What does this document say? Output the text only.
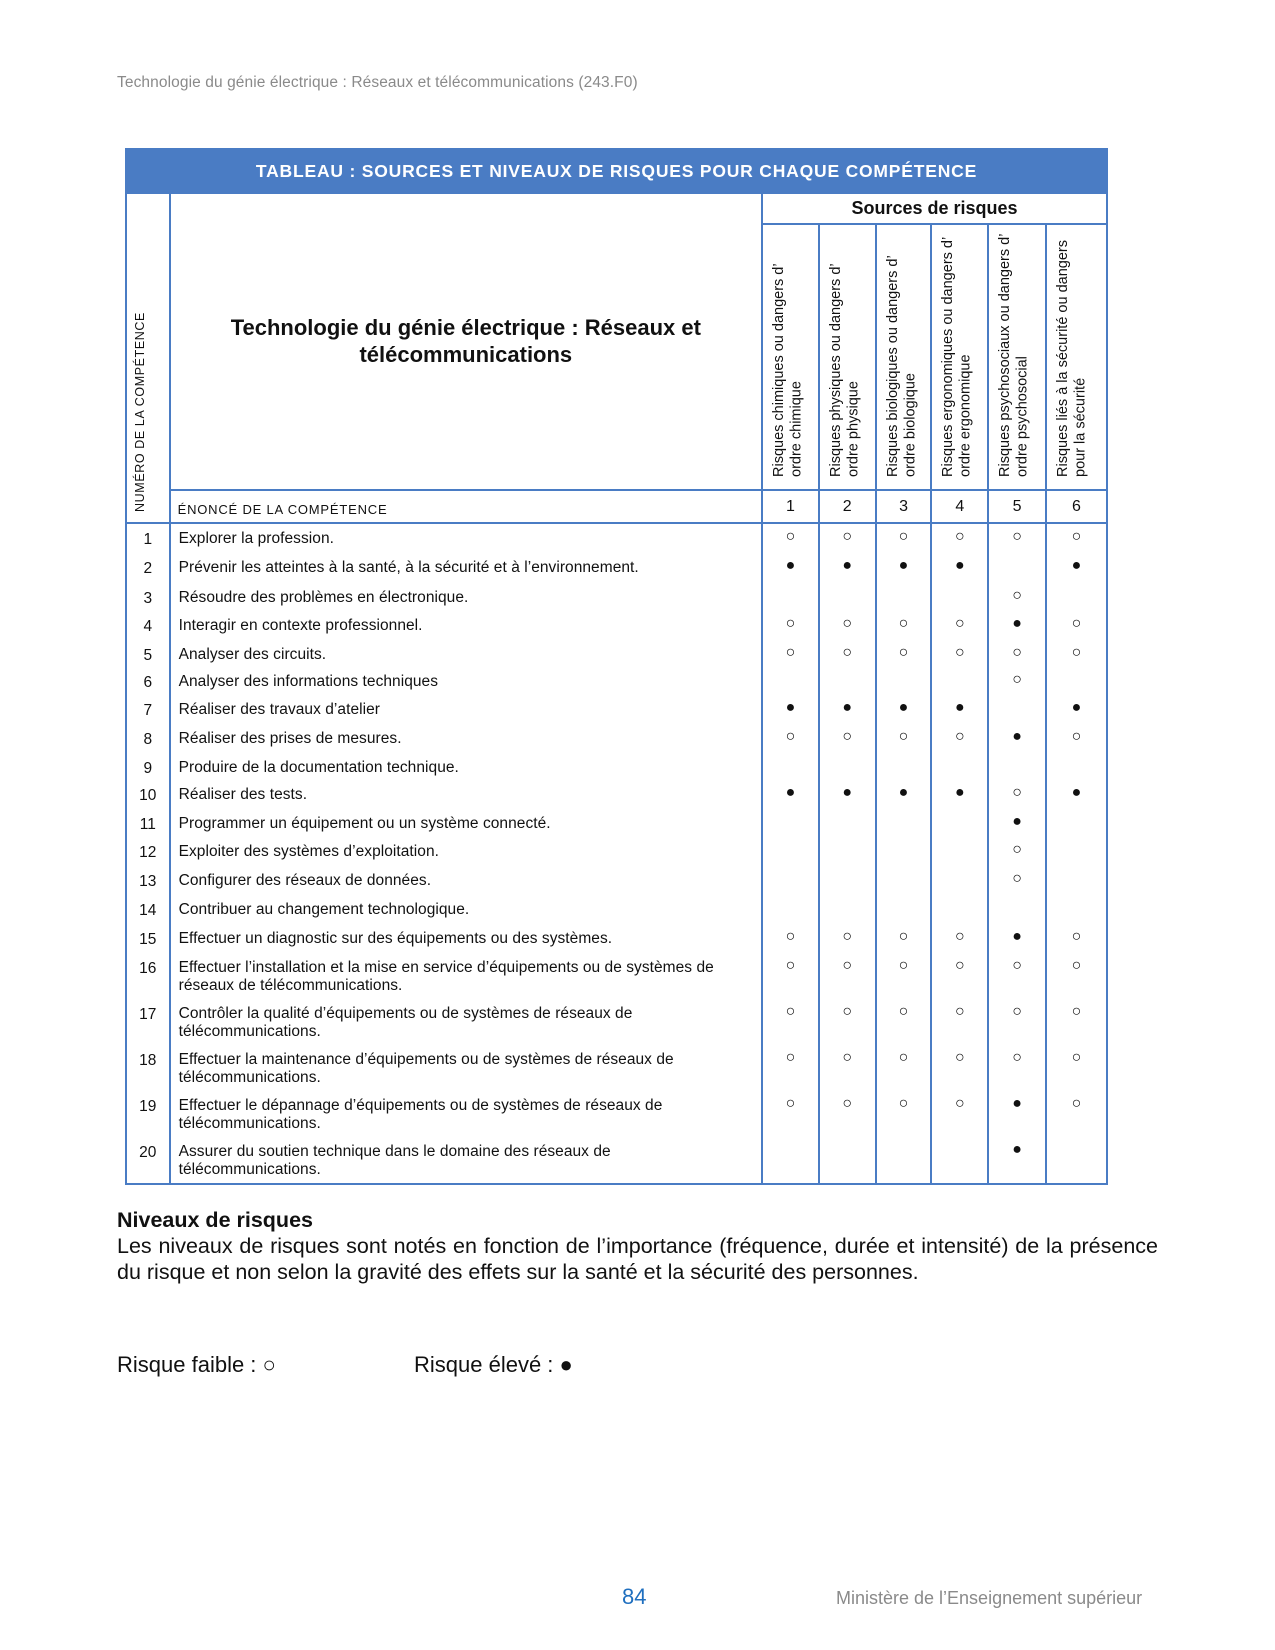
Technologie du génie électrique : Réseaux et télécommunications (243.F0)
TABLEAU : SOURCES ET NIVEAUX DE RISQUES POUR CHAQUE COMPÉTENCE							

NUMÉRO DE LA COMPÉTENCE	Technologie du génie électrique : Réseaux et télécommunications	Sources de risques					

		Risques chimiques ou dangers d’ ordre chimique	Risques physiques ou dangers d’ ordre physique	Risques biologiques ou dangers d’ ordre biologique	Risques ergonomiques ou dangers d’ ordre ergonomique	Risques psychosociaux ou dangers d’ ordre psychosocial	Risques liés à la sécurité ou dangers pour la sécurité

	ÉNONCÉ DE LA COMPÉTENCE	1	2	3	4	5	6
1	Explorer la profession.	○	○	○	○	○	○
2	Prévenir les atteintes à la santé, à la sécurité et à l’environnement.	●	●	●	●		●
3	Résoudre des problèmes en électronique.					○	
4	Interagir en contexte professionnel.	○	○	○	○	●	○
5	Analyser des circuits.	○	○	○	○	○	○
6	Analyser des informations techniques					○	
7	Réaliser des travaux d’atelier	●	●	●	●		●
8	Réaliser des prises de mesures.	○	○	○	○	●	○
9	Produire de la documentation technique.						
10	Réaliser des tests.	●	●	●	●	○	●
11	Programmer un équipement ou un système connecté.					●	
12	Exploiter des systèmes d’exploitation.					○	
13	Configurer des réseaux de données.					○	
14	Contribuer au changement technologique.						
15	Effectuer un diagnostic sur des équipements ou des systèmes.	○	○	○	○	●	○
16	Effectuer l’installation et la mise en service d’équipements ou de systèmes de réseaux de télécommunications.	○	○	○	○	○	○
17	Contrôler la qualité d’équipements ou de systèmes de réseaux de télécommunications.	○	○	○	○	○	○
18	Effectuer la maintenance d’équipements ou de systèmes de réseaux de télécommunications.	○	○	○	○	○	○
19	Effectuer le dépannage d’équipements ou de systèmes de réseaux de télécommunications.	○	○	○	○	●	○
20	Assurer du soutien technique dans le domaine des réseaux de télécommunications.					●	
Niveaux de risques

Les niveaux de risques sont notés en fonction de l’importance (fréquence, durée et intensité) de la présence du risque et non selon la gravité des effets sur la santé et la sécurité des personnes.

Risque faible : ○	Risque élevé : ●
84	Ministère de l’Enseignement supérieur
